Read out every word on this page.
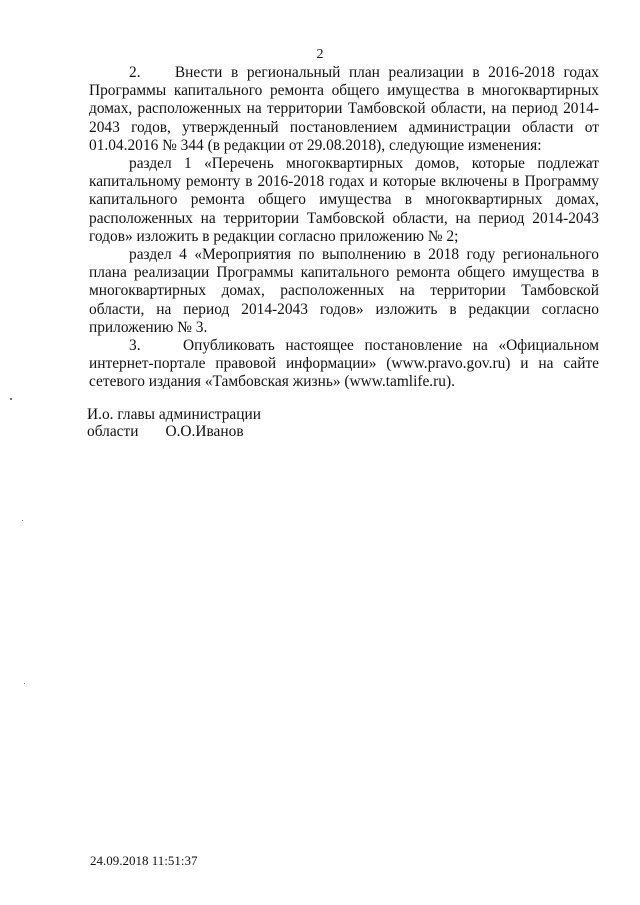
2

2.    Внести в региональный план реализации в 2016-2018 годах Программы капитального ремонта общего имущества в многоквартирных домах, расположенных на территории Тамбовской области, на период 2014-2043 годов, утвержденный постановлением администрации области от 01.04.2016 № 344 (в редакции от 29.08.2018), следующие изменения:

раздел 1 «Перечень многоквартирных домов, которые подлежат капитальному ремонту в 2016-2018 годах и которые включены в Программу капитального ремонта общего имущества в многоквартирных домах, расположенных на территории Тамбовской области, на период 2014-2043 годов» изложить в редакции согласно приложению № 2;

раздел 4 «Мероприятия по выполнению в 2018 году регионального плана реализации Программы капитального ремонта общего имущества в многоквартирных домах, расположенных на территории Тамбовской области, на период 2014-2043 годов» изложить в редакции согласно приложению № 3.

3.    Опубликовать настоящее постановление на «Официальном интернет-портале правовой информации» (www.pravo.gov.ru) и на сайте сетевого издания «Тамбовская жизнь» (www.tamlife.ru).

И.о. главы администрации
области О.О.Иванов
24.09.2018 11:51:37
